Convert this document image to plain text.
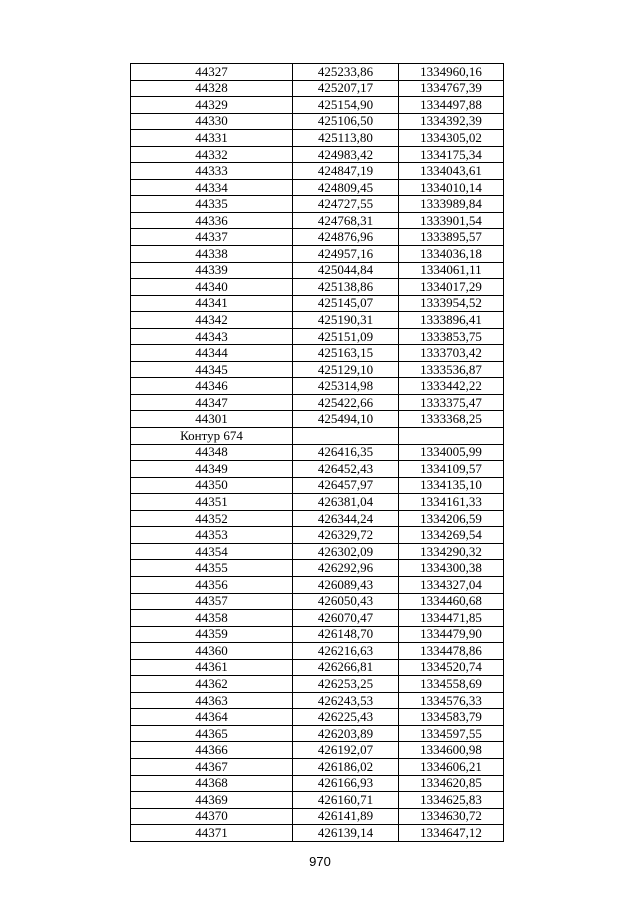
44327	425233,86	1334960,16
44328	425207,17	1334767,39
44329	425154,90	1334497,88
44330	425106,50	1334392,39
44331	425113,80	1334305,02
44332	424983,42	1334175,34
44333	424847,19	1334043,61
44334	424809,45	1334010,14
44335	424727,55	1333989,84
44336	424768,31	1333901,54
44337	424876,96	1333895,57
44338	424957,16	1334036,18
44339	425044,84	1334061,11
44340	425138,86	1334017,29
44341	425145,07	1333954,52
44342	425190,31	1333896,41
44343	425151,09	1333853,75
44344	425163,15	1333703,42
44345	425129,10	1333536,87
44346	425314,98	1333442,22
44347	425422,66	1333375,47
44301	425494,10	1333368,25
Контур 674		
44348	426416,35	1334005,99
44349	426452,43	1334109,57
44350	426457,97	1334135,10
44351	426381,04	1334161,33
44352	426344,24	1334206,59
44353	426329,72	1334269,54
44354	426302,09	1334290,32
44355	426292,96	1334300,38
44356	426089,43	1334327,04
44357	426050,43	1334460,68
44358	426070,47	1334471,85
44359	426148,70	1334479,90
44360	426216,63	1334478,86
44361	426266,81	1334520,74
44362	426253,25	1334558,69
44363	426243,53	1334576,33
44364	426225,43	1334583,79
44365	426203,89	1334597,55
44366	426192,07	1334600,98
44367	426186,02	1334606,21
44368	426166,93	1334620,85
44369	426160,71	1334625,83
44370	426141,89	1334630,72
44371	426139,14	1334647,12
970
